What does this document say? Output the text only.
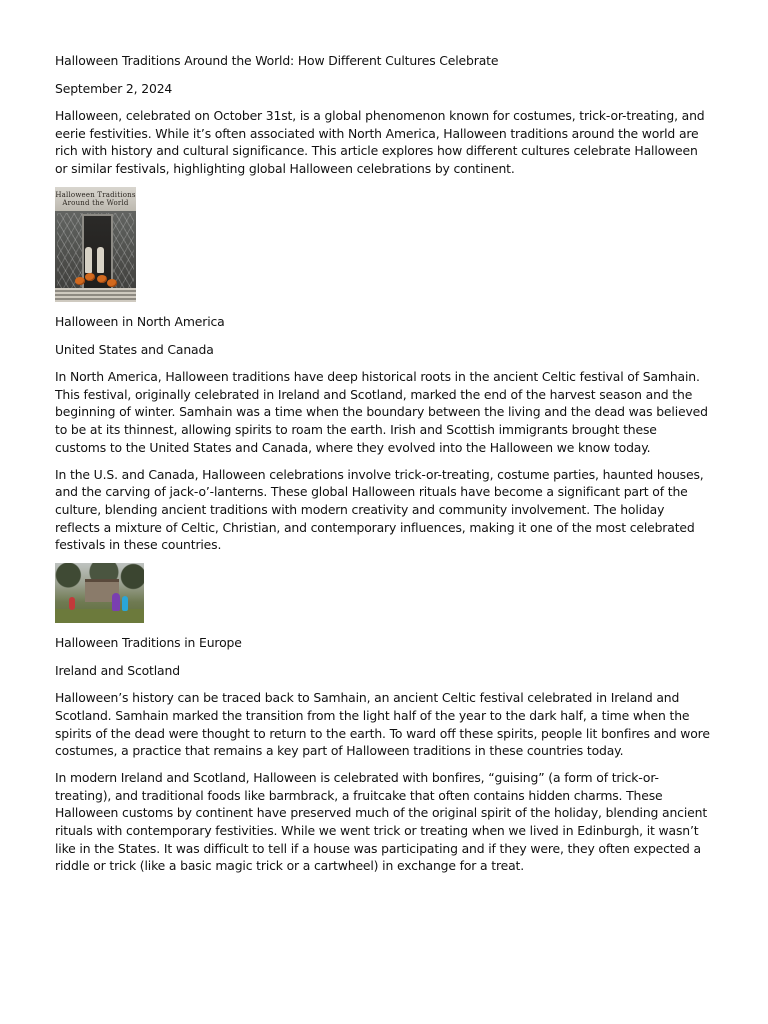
Halloween Traditions Around the World: How Different Cultures Celebrate

September 2, 2024

Halloween, celebrated on October 31st, is a global phenomenon known for costumes, trick-or-treating, and eerie festivities. While it’s often associated with North America, Halloween traditions around the world are rich with history and cultural significance. This article explores how different cultures celebrate Halloween or similar festivals, highlighting global Halloween celebrations by continent.

Halloween Traditions
Around the World

Halloween in North America

United States and Canada

In North America, Halloween traditions have deep historical roots in the ancient Celtic festival of Samhain. This festival, originally celebrated in Ireland and Scotland, marked the end of the harvest season and the beginning of winter. Samhain was a time when the boundary between the living and the dead was believed to be at its thinnest, allowing spirits to roam the earth. Irish and Scottish immigrants brought these customs to the United States and Canada, where they evolved into the Halloween we know today.

In the U.S. and Canada, Halloween celebrations involve trick-or-treating, costume parties, haunted houses, and the carving of jack-o’-lanterns. These global Halloween rituals have become a significant part of the culture, blending ancient traditions with modern creativity and community involvement. The holiday reflects a mixture of Celtic, Christian, and contemporary influences, making it one of the most celebrated festivals in these countries.

Halloween Traditions in Europe

Ireland and Scotland

Halloween’s history can be traced back to Samhain, an ancient Celtic festival celebrated in Ireland and Scotland. Samhain marked the transition from the light half of the year to the dark half, a time when the spirits of the dead were thought to return to the earth. To ward off these spirits, people lit bonfires and wore costumes, a practice that remains a key part of Halloween traditions in these countries today.

In modern Ireland and Scotland, Halloween is celebrated with bonfires, “guising” (a form of trick-or-treating), and traditional foods like barmbrack, a fruitcake that often contains hidden charms. These Halloween customs by continent have preserved much of the original spirit of the holiday, blending ancient rituals with contemporary festivities. While we went trick or treating when we lived in Edinburgh, it wasn’t like in the States. It was difficult to tell if a house was participating and if they were, they often expected a riddle or trick (like a basic magic trick or a cartwheel) in exchange for a treat.
